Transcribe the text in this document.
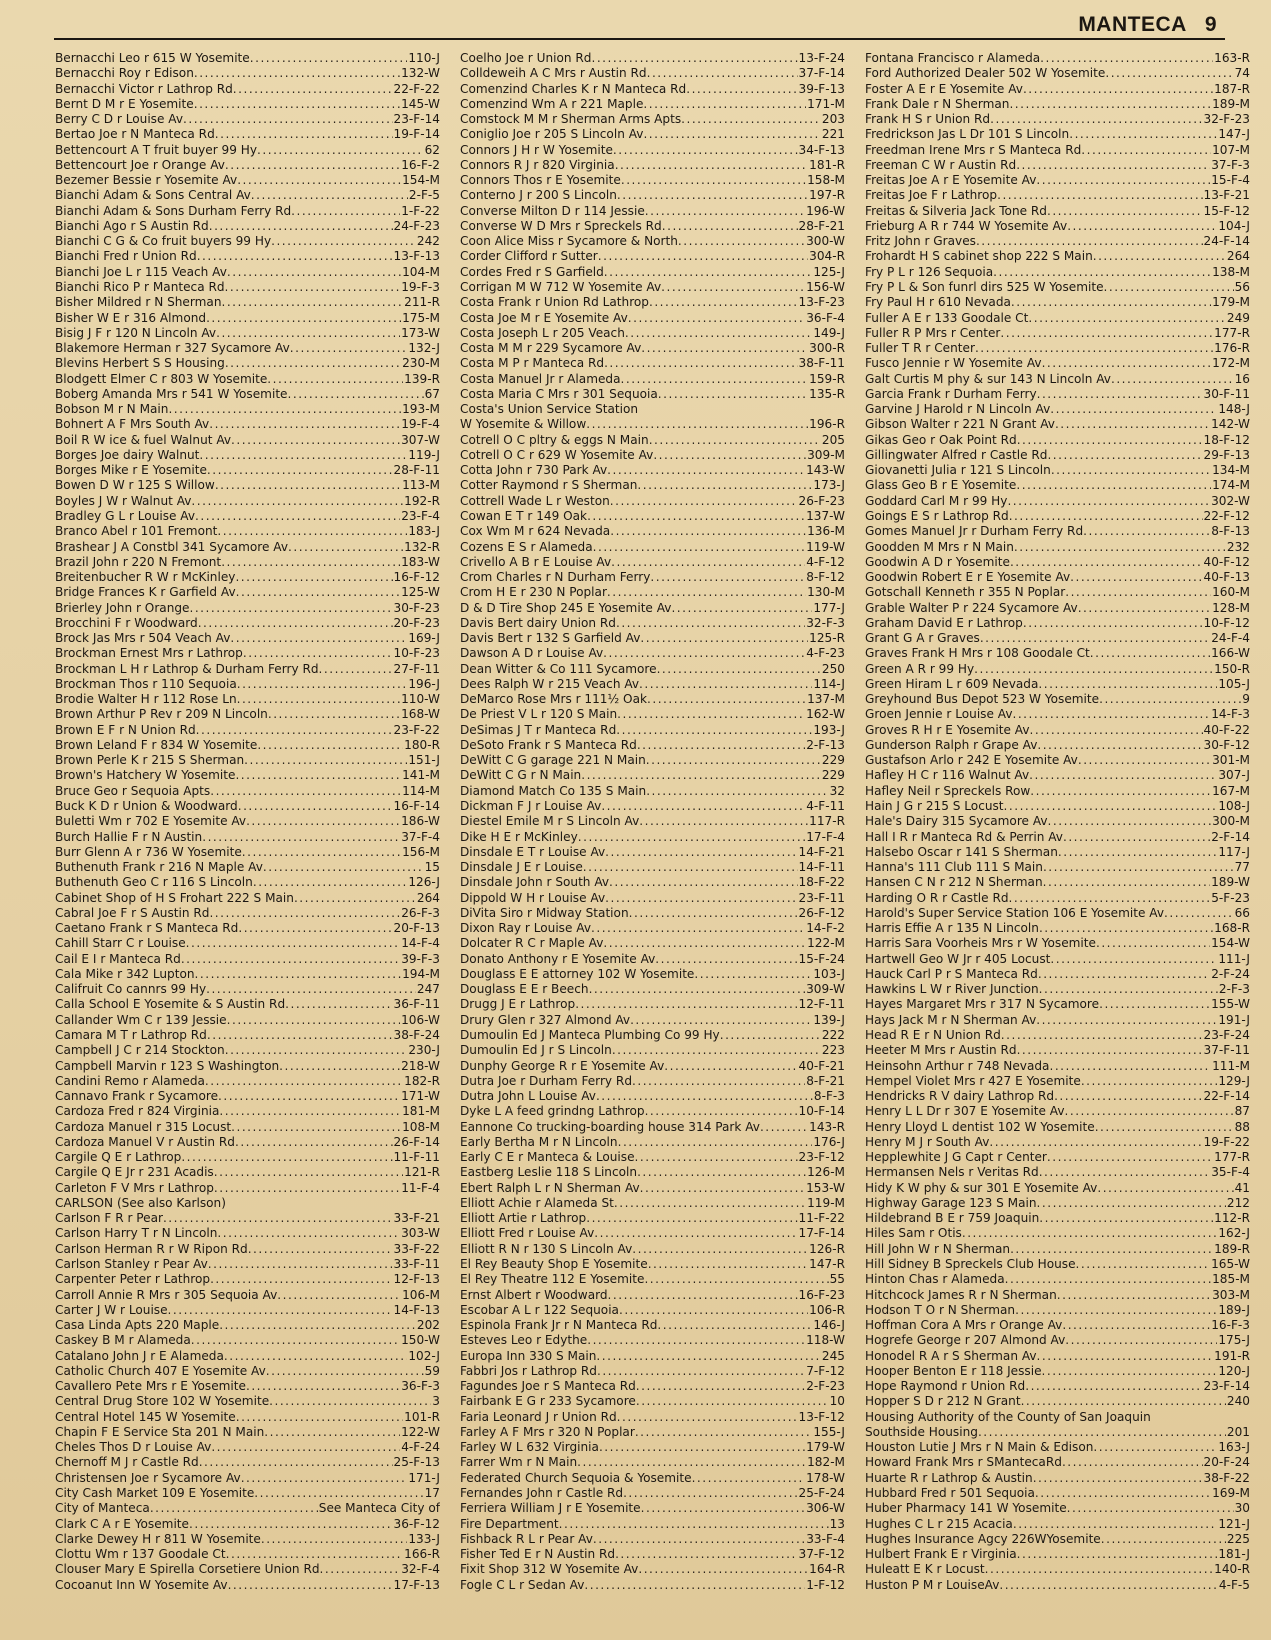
MANTECA 9
Bernacchi Leo r 615 W Yosemite .....	110-J
Bernacchi Roy r Edison .....	132-W
Bernacchi Victor r Lathrop Rd .....	22-F-22
Bernt D M r E Yosemite .....	145-W
Berry C D r Louise Av .....	23-F-14
Bertao Joe r N Manteca Rd .....	19-F-14
Bettencourt A T fruit buyer 99 Hy .....	62
Bettencourt Joe r Orange Av .....	16-F-2
Bezemer Bessie r Yosemite Av .....	154-M
Bianchi Adam & Sons Central Av .....	2-F-5
Bianchi Adam & Sons Durham Ferry Rd .....	1-F-22
Bianchi Ago r S Austin Rd .....	24-F-23
Bianchi C G & Co fruit buyers 99 Hy .....	242
Bianchi Fred r Union Rd .....	13-F-13
Bianchi Joe L r 115 Veach Av .....	104-M
Bianchi Rico P r Manteca Rd .....	19-F-3
Bisher Mildred r N Sherman .....	211-R
Bisher W E r 316 Almond .....	175-M
Bisig J F r 120 N Lincoln Av .....	173-W
Blakemore Herman r 327 Sycamore Av .....	132-J
Blevins Herbert S S Housing .....	230-M
Blodgett Elmer C r 803 W Yosemite .....	139-R
Boberg Amanda Mrs r 541 W Yosemite .....	67
Bobson M r N Main .....	193-M
Bohnert A F Mrs South Av .....	19-F-4
Boil R W ice & fuel Walnut Av .....	307-W
Borges Joe dairy Walnut .....	119-J
Borges Mike r E Yosemite .....	28-F-11
Bowen D W r 125 S Willow .....	113-M
Boyles J W r Walnut Av .....	192-R
Bradley G L r Louise Av .....	23-F-4
Branco Abel r 101 Fremont .....	183-J
Brashear J A Constbl 341 Sycamore Av .....	132-R
Brazil John r 220 N Fremont .....	183-W
Breitenbucher R W r McKinley .....	16-F-12
Bridge Frances K r Garfield Av .....	125-W
Brierley John r Orange .....	30-F-23
Brocchini F r Woodward .....	20-F-23
Brock Jas Mrs r 504 Veach Av .....	169-J
Brockman Ernest Mrs r Lathrop .....	10-F-23
Brockman L H r Lathrop & Durham Ferry Rd .....	27-F-11
Brockman Thos r 110 Sequoia .....	196-J
Brodie Walter H r 112 Rose Ln .....	110-W
Brown Arthur P Rev r 209 N Lincoln .....	168-W
Brown E F r N Union Rd .....	23-F-22
Brown Leland F r 834 W Yosemite .....	180-R
Brown Perle K r 215 S Sherman .....	151-J
Brown's Hatchery W Yosemite .....	141-M
Bruce Geo r Sequoia Apts .....	114-M
Buck K D r Union & Woodward .....	16-F-14
Buletti Wm r 702 E Yosemite Av .....	186-W
Burch Hallie F r N Austin .....	37-F-4
Burr Glenn A r 736 W Yosemite .....	156-M
Buthenuth Frank r 216 N Maple Av .....	15
Buthenuth Geo C r 116 S Lincoln .....	126-J
Cabinet Shop of H S Frohart 222 S Main .....	264
Cabral Joe F r S Austin Rd .....	26-F-3
Caetano Frank r S Manteca Rd .....	20-F-13
Cahill Starr C r Louise .....	14-F-4
Cail E I r Manteca Rd .....	39-F-3
Cala Mike r 342 Lupton .....	194-M
Califruit Co cannrs 99 Hy .....	247
Calla School E Yosemite & S Austin Rd .....	36-F-11
Callander Wm C r 139 Jessie .....	106-W
Camara M T r Lathrop Rd .....	38-F-24
Campbell J C r 214 Stockton .....	230-J
Campbell Marvin r 123 S Washington .....	218-W
Candini Remo r Alameda .....	182-R
Cannavo Frank r Sycamore .....	171-W
Cardoza Fred r 824 Virginia .....	181-M
Cardoza Manuel r 315 Locust .....	108-M
Cardoza Manuel V r Austin Rd .....	26-F-14
Cargile Q E r Lathrop .....	11-F-11
Cargile Q E Jr r 231 Acadis .....	121-R
Carleton F V Mrs r Lathrop .....	11-F-4
CARLSON (See also Karlson)
Carlson F R r Pear .....	33-F-21
Carlson Harry T r N Lincoln .....	303-W
Carlson Herman R r W Ripon Rd .....	33-F-22
Carlson Stanley r Pear Av .....	33-F-11
Carpenter Peter r Lathrop .....	12-F-13
Carroll Annie R Mrs r 305 Sequoia Av .....	106-M
Carter J W r Louise .....	14-F-13
Casa Linda Apts 220 Maple .....	202
Caskey B M r Alameda .....	150-W
Catalano John J r E Alameda .....	102-J
Catholic Church 407 E Yosemite Av .....	59
Cavallero Pete Mrs r E Yosemite .....	36-F-3
Central Drug Store 102 W Yosemite .....	3
Central Hotel 145 W Yosemite .....	101-R
Chapin F E Service Sta 201 N Main .....	122-W
Cheles Thos D r Louise Av .....	4-F-24
Chernoff M J r Castle Rd .....	25-F-13
Christensen Joe r Sycamore Av .....	171-J
City Cash Market 109 E Yosemite .....	17
City of Manteca .....	See Manteca City of
Clark C A r E Yosemite .....	36-F-12
Clarke Dewey H r 811 W Yosemite .....	133-J
Clottu Wm r 137 Goodale Ct .....	166-R
Clouser Mary E Spirella Corsetiere Union Rd .....	32-F-4
Cocoanut Inn W Yosemite Av .....	17-F-13
Coelho Joe r Union Rd .....	13-F-24
Colldeweih A C Mrs r Austin Rd .....	37-F-14
Comenzind Charles K r N Manteca Rd .....	39-F-13
Comenzind Wm A r 221 Maple .....	171-M
Comstock M M r Sherman Arms Apts .....	203
Coniglio Joe r 205 S Lincoln Av .....	221
Connors J H r W Yosemite .....	34-F-13
Connors R J r 820 Virginia .....	181-R
Connors Thos r E Yosemite .....	158-M
Conterno J r 200 S Lincoln .....	197-R
Converse Milton D r 114 Jessie .....	196-W
Converse W D Mrs r Spreckels Rd .....	28-F-21
Coon Alice Miss r Sycamore & North .....	300-W
Corder Clifford r Sutter .....	304-R
Cordes Fred r S Garfield .....	125-J
Corrigan M W 712 W Yosemite Av .....	156-W
Costa Frank r Union Rd Lathrop .....	13-F-23
Costa Joe M r E Yosemite Av .....	36-F-4
Costa Joseph L r 205 Veach .....	149-J
Costa M M r 229 Sycamore Av .....	300-R
Costa M P r Manteca Rd .....	38-F-11
Costa Manuel Jr r Alameda .....	159-R
Costa Maria C Mrs r 301 Sequoia .....	135-R
Costa's Union Service Station
W Yosemite & Willow .....	196-R
Cotrell O C pltry & eggs N Main .....	205
Cotrell O C r 629 W Yosemite Av .....	309-M
Cotta John r 730 Park Av .....	143-W
Cotter Raymond r S Sherman .....	173-J
Cottrell Wade L r Weston .....	26-F-23
Cowan E T r 149 Oak .....	137-W
Cox Wm M r 624 Nevada .....	136-M
Cozens E S r Alameda .....	119-W
Crivello A B r E Louise Av .....	4-F-12
Crom Charles r N Durham Ferry .....	8-F-12
Crom H E r 230 N Poplar .....	130-M
D & D Tire Shop 245 E Yosemite Av .....	177-J
Davis Bert dairy Union Rd .....	32-F-3
Davis Bert r 132 S Garfield Av .....	125-R
Dawson A D r Louise Av .....	4-F-23
Dean Witter & Co 111 Sycamore .....	250
Dees Ralph W r 215 Veach Av .....	114-J
DeMarco Rose Mrs r 111½ Oak .....	137-M
De Priest V L r 120 S Main .....	162-W
DeSimas J T r Manteca Rd .....	193-J
DeSoto Frank r S Manteca Rd .....	2-F-13
DeWitt C G garage 221 N Main .....	229
DeWitt C G r N Main .....	229
Diamond Match Co 135 S Main .....	32
Dickman F J r Louise Av .....	4-F-11
Diestel Emile M r S Lincoln Av .....	117-R
Dike H E r McKinley .....	17-F-4
Dinsdale E T r Louise Av .....	14-F-21
Dinsdale J E r Louise .....	14-F-11
Dinsdale John r South Av .....	18-F-22
Dippold W H r Louise Av .....	23-F-11
DiVita Siro r Midway Station .....	26-F-12
Dixon Ray r Louise Av .....	14-F-2
Dolcater R C r Maple Av .....	122-M
Donato Anthony r E Yosemite Av .....	15-F-24
Douglass E E attorney 102 W Yosemite .....	103-J
Douglass E E r Beech .....	309-W
Drugg J E r Lathrop .....	12-F-11
Drury Glen r 327 Almond Av .....	139-J
Dumoulin Ed J Manteca Plumbing Co 99 Hy .....	222
Dumoulin Ed J r S Lincoln .....	223
Dunphy George R r E Yosemite Av .....	40-F-21
Dutra Joe r Durham Ferry Rd .....	8-F-21
Dutra John L Louise Av .....	8-F-3
Dyke L A feed grindng Lathrop .....	10-F-14
Eannone Co trucking-boarding house 314 Park Av .....	143-R
Early Bertha M r N Lincoln .....	176-J
Early C E r Manteca & Louise .....	23-F-12
Eastberg Leslie 118 S Lincoln .....	126-M
Ebert Ralph L r N Sherman Av .....	153-W
Elliott Achie r Alameda St .....	119-M
Elliott Artie r Lathrop .....	11-F-22
Elliott Fred r Louise Av .....	17-F-14
Elliott R N r 130 S Lincoln Av .....	126-R
El Rey Beauty Shop E Yosemite .....	147-R
El Rey Theatre 112 E Yosemite .....	55
Ernst Albert r Woodward .....	16-F-23
Escobar A L r 122 Sequoia .....	106-R
Espinola Frank Jr r N Manteca Rd .....	146-J
Esteves Leo r Edythe .....	118-W
Europa Inn 330 S Main .....	245
Fabbri Jos r Lathrop Rd .....	7-F-12
Fagundes Joe r S Manteca Rd .....	2-F-23
Fairbank E G r 233 Sycamore .....	10
Faria Leonard J r Union Rd .....	13-F-12
Farley A F Mrs r 320 N Poplar .....	155-J
Farley W L 632 Virginia .....	179-W
Farrer Wm r N Main .....	182-M
Federated Church Sequoia & Yosemite .....	178-W
Fernandes John r Castle Rd .....	25-F-24
Ferriera William J r E Yosemite .....	306-W
Fire Department .....	13
Fishback R L r Pear Av .....	33-F-4
Fisher Ted E r N Austin Rd .....	37-F-12
Fixit Shop 312 W Yosemite Av .....	164-R
Fogle C L r Sedan Av .....	1-F-12
Fontana Francisco r Alameda .....	163-R
Ford Authorized Dealer 502 W Yosemite .....	74
Foster A E r E Yosemite Av .....	187-R
Frank Dale r N Sherman .....	189-M
Frank H S r Union Rd .....	32-F-23
Fredrickson Jas L Dr 101 S Lincoln .....	147-J
Freedman Irene Mrs r S Manteca Rd .....	107-M
Freeman C W r Austin Rd .....	37-F-3
Freitas Joe A r E Yosemite Av .....	15-F-4
Freitas Joe F r Lathrop .....	13-F-21
Freitas & Silveria Jack Tone Rd .....	15-F-12
Frieburg A R r 744 W Yosemite Av .....	104-J
Fritz John r Graves .....	24-F-14
Frohardt H S cabinet shop 222 S Main .....	264
Fry P L r 126 Sequoia .....	138-M
Fry P L & Son funrl dirs 525 W Yosemite .....	56
Fry Paul H r 610 Nevada .....	179-M
Fuller A E r 133 Goodale Ct .....	249
Fuller R P Mrs r Center .....	177-R
Fuller T R r Center .....	176-R
Fusco Jennie r W Yosemite Av .....	172-M
Galt Curtis M phy & sur 143 N Lincoln Av .....	16
Garcia Frank r Durham Ferry .....	30-F-11
Garvine J Harold r N Lincoln Av .....	148-J
Gibson Walter r 221 N Grant Av .....	142-W
Gikas Geo r Oak Point Rd .....	18-F-12
Gillingwater Alfred r Castle Rd .....	29-F-13
Giovanetti Julia r 121 S Lincoln .....	134-M
Glass Geo B r E Yosemite .....	174-M
Goddard Carl M r 99 Hy .....	302-W
Goings E S r Lathrop Rd .....	22-F-12
Gomes Manuel Jr r Durham Ferry Rd .....	8-F-13
Goodden M Mrs r N Main .....	232
Goodwin A D r Yosemite .....	40-F-12
Goodwin Robert E r E Yosemite Av .....	40-F-13
Gotschall Kenneth r 355 N Poplar .....	160-M
Grable Walter P r 224 Sycamore Av .....	128-M
Graham David E r Lathrop .....	10-F-12
Grant G A r Graves .....	24-F-4
Graves Frank H Mrs r 108 Goodale Ct .....	166-W
Green A R r 99 Hy .....	150-R
Green Hiram L r 609 Nevada .....	105-J
Greyhound Bus Depot 523 W Yosemite .....	9
Groen Jennie r Louise Av .....	14-F-3
Groves R H r E Yosemite Av .....	40-F-22
Gunderson Ralph r Grape Av .....	30-F-12
Gustafson Arlo r 242 E Yosemite Av .....	301-M
Hafley H C r 116 Walnut Av .....	307-J
Hafley Neil r Spreckels Row .....	167-M
Hain J G r 215 S Locust .....	108-J
Hale's Dairy 315 Sycamore Av .....	300-M
Hall I R r Manteca Rd & Perrin Av .....	2-F-14
Halsebo Oscar r 141 S Sherman .....	117-J
Hanna's 111 Club 111 S Main .....	77
Hansen C N r 212 N Sherman .....	189-W
Harding O R r Castle Rd .....	5-F-23
Harold's Super Service Station 106 E Yosemite Av .....	66
Harris Effie A r 135 N Lincoln .....	168-R
Harris Sara Voorheis Mrs r W Yosemite .....	154-W
Hartwell Geo W Jr r 405 Locust .....	111-J
Hauck Carl P r S Manteca Rd .....	2-F-24
Hawkins L W r River Junction .....	2-F-3
Hayes Margaret Mrs r 317 N Sycamore .....	155-W
Hays Jack M r N Sherman Av .....	191-J
Head R E r N Union Rd .....	23-F-24
Heeter M Mrs r Austin Rd .....	37-F-11
Heinsohn Arthur r 748 Nevada .....	111-M
Hempel Violet Mrs r 427 E Yosemite .....	129-J
Hendricks R V dairy Lathrop Rd .....	22-F-14
Henry L L Dr r 307 E Yosemite Av .....	87
Henry Lloyd L dentist 102 W Yosemite .....	88
Henry M J r South Av .....	19-F-22
Hepplewhite J G Capt r Center .....	177-R
Hermansen Nels r Veritas Rd .....	35-F-4
Hidy K W phy & sur 301 E Yosemite Av .....	41
Highway Garage 123 S Main .....	212
Hildebrand B E r 759 Joaquin .....	112-R
Hiles Sam r Otis .....	162-J
Hill John W r N Sherman .....	189-R
Hill Sidney B Spreckels Club House .....	165-W
Hinton Chas r Alameda .....	185-M
Hitchcock James R r N Sherman .....	303-M
Hodson T O r N Sherman .....	189-J
Hoffman Cora A Mrs r Orange Av .....	16-F-3
Hogrefe George r 207 Almond Av .....	175-J
Honodel R A r S Sherman Av .....	191-R
Hooper Benton E r 118 Jessie .....	120-J
Hope Raymond r Union Rd .....	23-F-14
Hopper S D r 212 N Grant .....	240
Housing Authority of the County of San Joaquin
Southside Housing .....	201
Houston Lutie J Mrs r N Main & Edison .....	163-J
Howard Frank Mrs r SMantecaRd .....	20-F-24
Huarte R r Lathrop & Austin .....	38-F-22
Hubbard Fred r 501 Sequoia .....	169-M
Huber Pharmacy 141 W Yosemite .....	30
Hughes C L r 215 Acacia .....	121-J
Hughes Insurance Agcy 226WYosemite .....	225
Hulbert Frank E r Virginia .....	181-J
Huleatt E K r Locust .....	140-R
Huston P M r LouiseAv .....	4-F-5
